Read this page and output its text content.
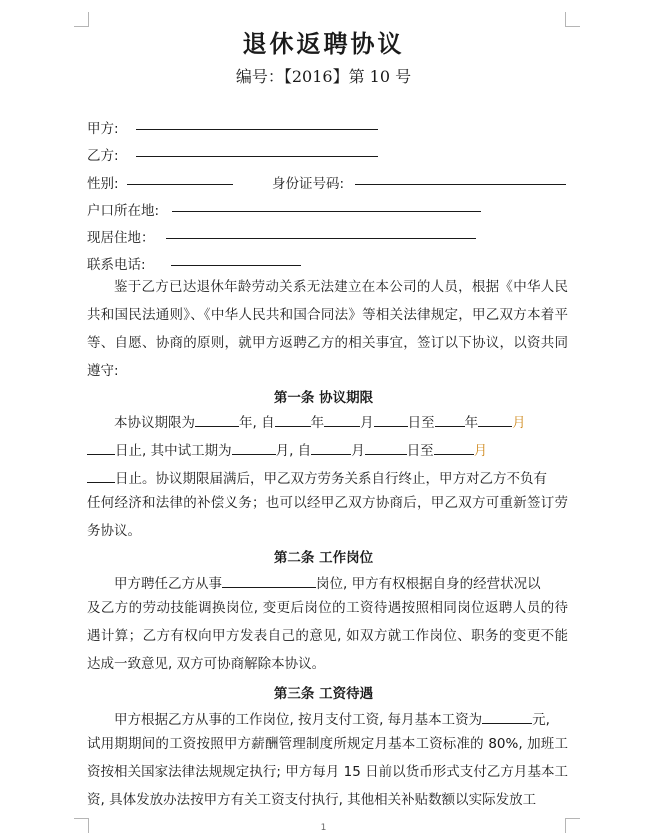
退休返聘协议
编号：【2016】第 10 号
甲方:
乙方:
性别:	身份证号码:
户口所在地:
现居住地：
联系电话:
鉴于乙方已达退休年龄劳动关系无法建立在本公司的人员，根据《中华人民共和国民法通则》、《中华人民共和国合同法》等相关法律规定，甲乙双方本着平等、自愿、协商的原则，就甲方返聘乙方的相关事宜，签订以下协议，以资共同遵守:
第一条 协议期限
本协议期限为	年, 自	年	月	日至 年	月
日止, 其中试工期为	月, 自	月	日至	月
日止。协议期限届满后，甲乙双方劳务关系自行终止，甲方对乙方不负有
任何经济和法律的补偿义务；也可以经甲乙双方协商后，甲乙双方可重新签订劳务协议。
第二条 工作岗位
甲方聘任乙方从事	岗位, 甲方有权根据自身的经营状况以
及乙方的劳动技能调换岗位, 变更后岗位的工资待遇按照相同岗位返聘人员的待遇计算；乙方有权向甲方发表自己的意见, 如双方就工作岗位、职务的变更不能达成一致意见, 双方可协商解除本协议。
第三条 工资待遇
甲方根据乙方从事的工作岗位, 按月支付工资, 每月基本工资为	元,
试用期期间的工资按照甲方薪酬管理制度所规定月基本工资标准的 80%, 加班工资按相关国家法律法规规定执行; 甲方每月 15 日前以货币形式支付乙方月基本工资, 具体发放办法按甲方有关工资支付执行, 其他相关补贴数额以实际发放工
1
